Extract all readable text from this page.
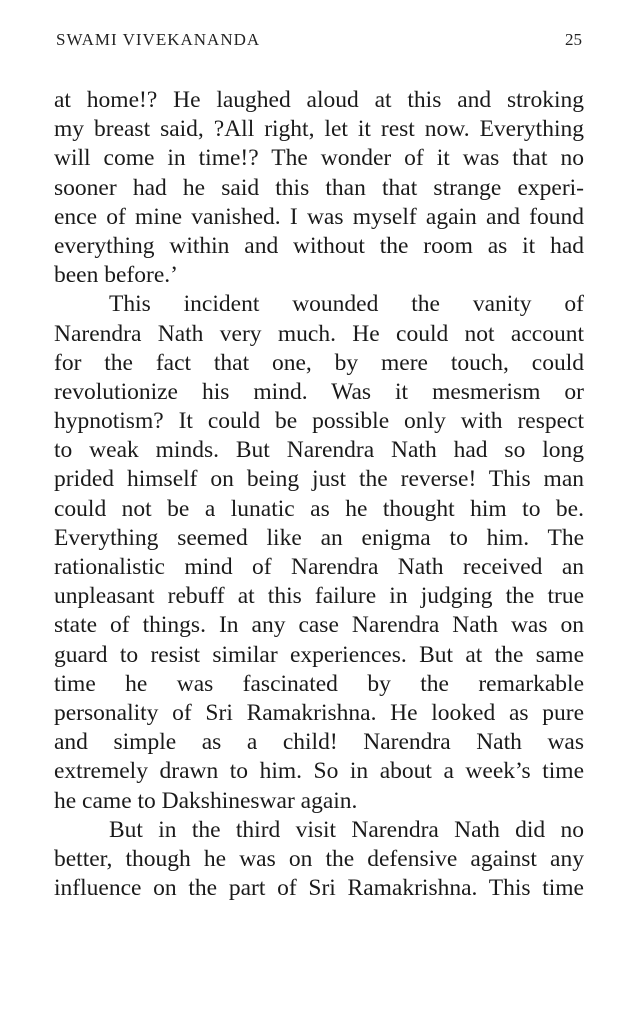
SWAMI VIVEKANANDA	25
at home!? He laughed aloud at this and stroking
my breast said, ?All right, let it rest now. Everything
will come in time!? The wonder of it was that no
sooner had he said this than that strange experi-
ence of mine vanished. I was myself again and found
everything within and without the room as it had
been before.’
This incident wounded the vanity of
Narendra Nath very much. He could not account
for the fact that one, by mere touch, could
revolutionize his mind. Was it mesmerism or
hypnotism? It could be possible only with respect
to weak minds. But Narendra Nath had so long
prided himself on being just the reverse! This man
could not be a lunatic as he thought him to be.
Everything seemed like an enigma to him. The
rationalistic mind of Narendra Nath received an
unpleasant rebuff at this failure in judging the true
state of things. In any case Narendra Nath was on
guard to resist similar experiences. But at the same
time he was fascinated by the remarkable
personality of Sri Ramakrishna. He looked as pure
and simple as a child! Narendra Nath was
extremely drawn to him. So in about a week’s time
he came to Dakshineswar again.
But in the third visit Narendra Nath did no
better, though he was on the defensive against any
influence on the part of Sri Ramakrishna. This time
